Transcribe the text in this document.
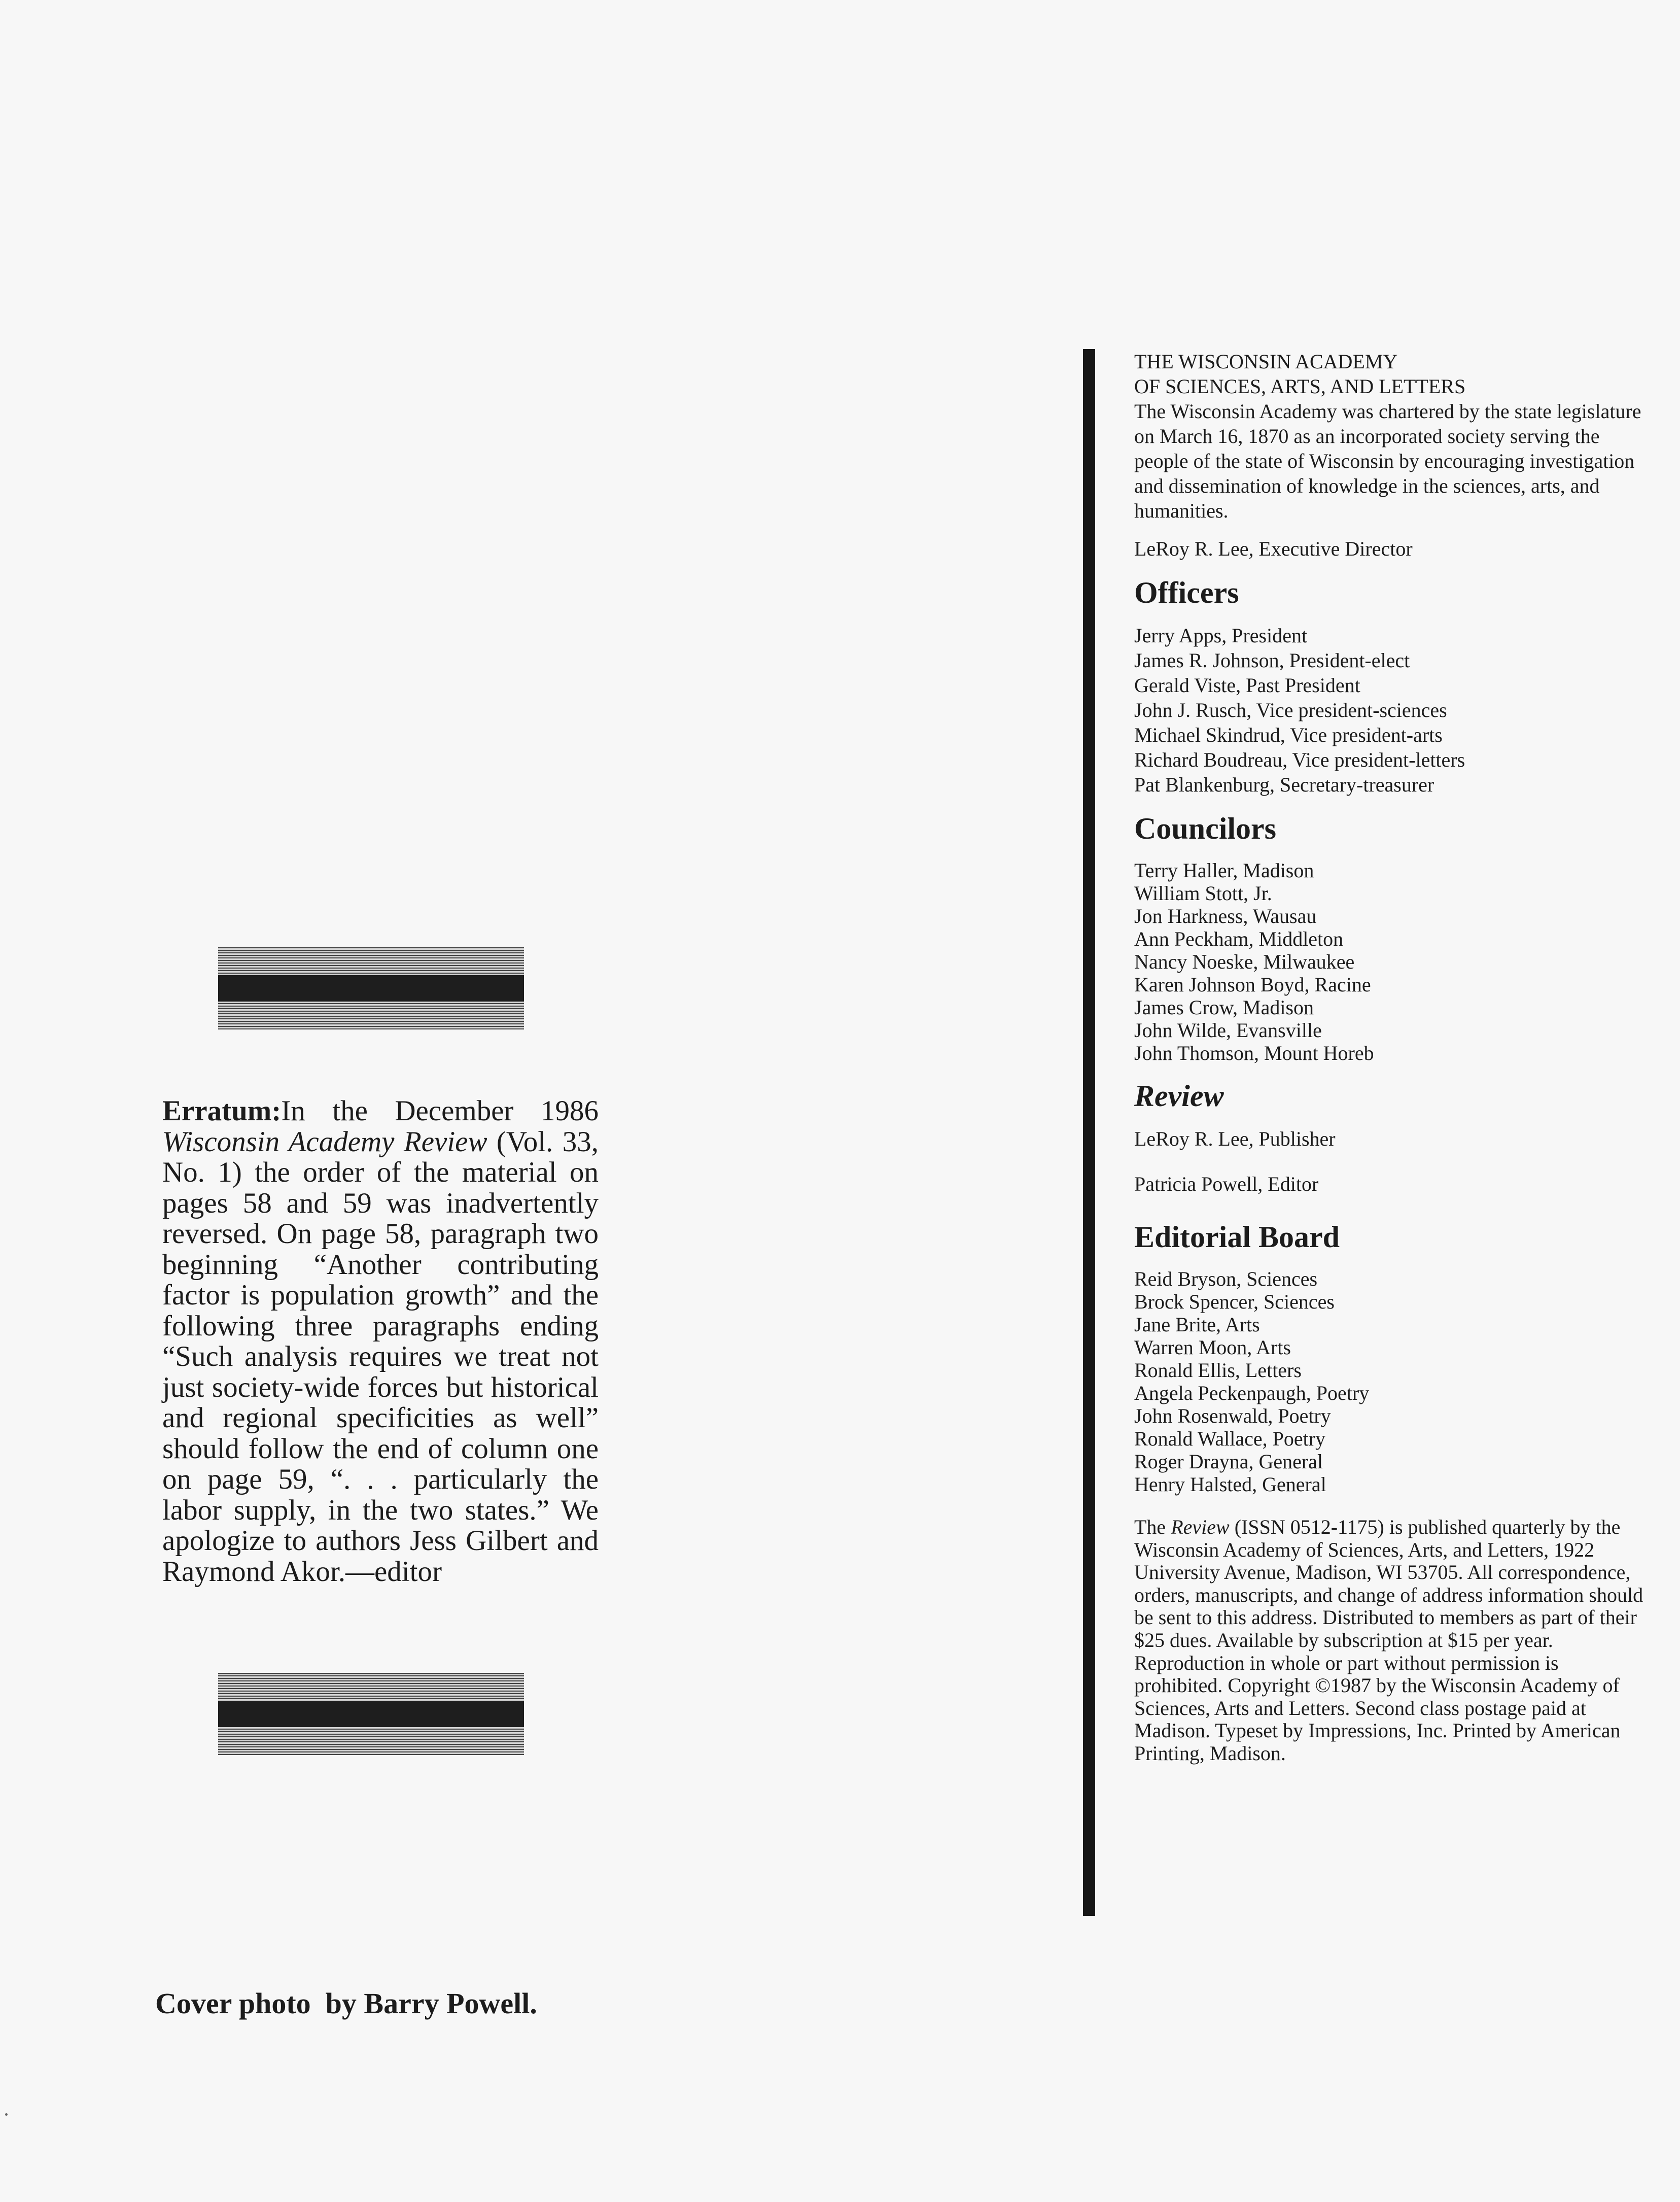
Erratum:In the December 1986 Wisconsin Academy Review (Vol. 33, No. 1) the order of the material on pages 58 and 59 was inadvertently reversed. On page 58, paragraph two beginning “Another contributing factor is population growth” and the following three paragraphs ending “Such analysis requires we treat not just society-wide forces but historical and regional specificities as well” should follow the end of column one on page 59, “. . . particularly the labor supply, in the two states.” We apologize to authors Jess Gilbert and Raymond Akor.—editor

Cover photo  by Barry Powell.

THE WISCONSIN ACADEMY

OF SCIENCES, ARTS, AND LETTERS

The Wisconsin Academy was chartered by the state legislature on March 16, 1870 as an incorporated society serving the people of the state of Wisconsin by encouraging investigation and dissemination of knowledge in the sciences, arts, and humanities.

LeRoy R. Lee, Executive Director

Officers

Jerry Apps, President

James R. Johnson, President-elect

Gerald Viste, Past President

John J. Rusch, Vice president-sciences

Michael Skindrud, Vice president-arts

Richard Boudreau, Vice president-letters

Pat Blankenburg, Secretary-treasurer

Councilors

Terry Haller, Madison

William Stott, Jr.

Jon Harkness, Wausau

Ann Peckham, Middleton

Nancy Noeske, Milwaukee

Karen Johnson Boyd, Racine

James Crow, Madison

John Wilde, Evansville

John Thomson, Mount Horeb

Review

LeRoy R. Lee, Publisher

Patricia Powell, Editor

Editorial Board

Reid Bryson, Sciences

Brock Spencer, Sciences

Jane Brite, Arts

Warren Moon, Arts

Ronald Ellis, Letters

Angela Peckenpaugh, Poetry

John Rosenwald, Poetry

Ronald Wallace, Poetry

Roger Drayna, General

Henry Halsted, General

The Review (ISSN 0512-1175) is published quarterly by the Wisconsin Academy of Sciences, Arts, and Letters, 1922 University Avenue, Madison, WI 53705. All correspondence, orders, manuscripts, and change of address information should be sent to this address. Distributed to members as part of their $25 dues. Available by subscription at $15 per year. Reproduction in whole or part without permission is prohibited. Copyright ©1987 by the Wisconsin Academy of Sciences, Arts and Letters. Second class postage paid at Madison. Typeset by Impressions, Inc. Printed by American Printing, Madison.
